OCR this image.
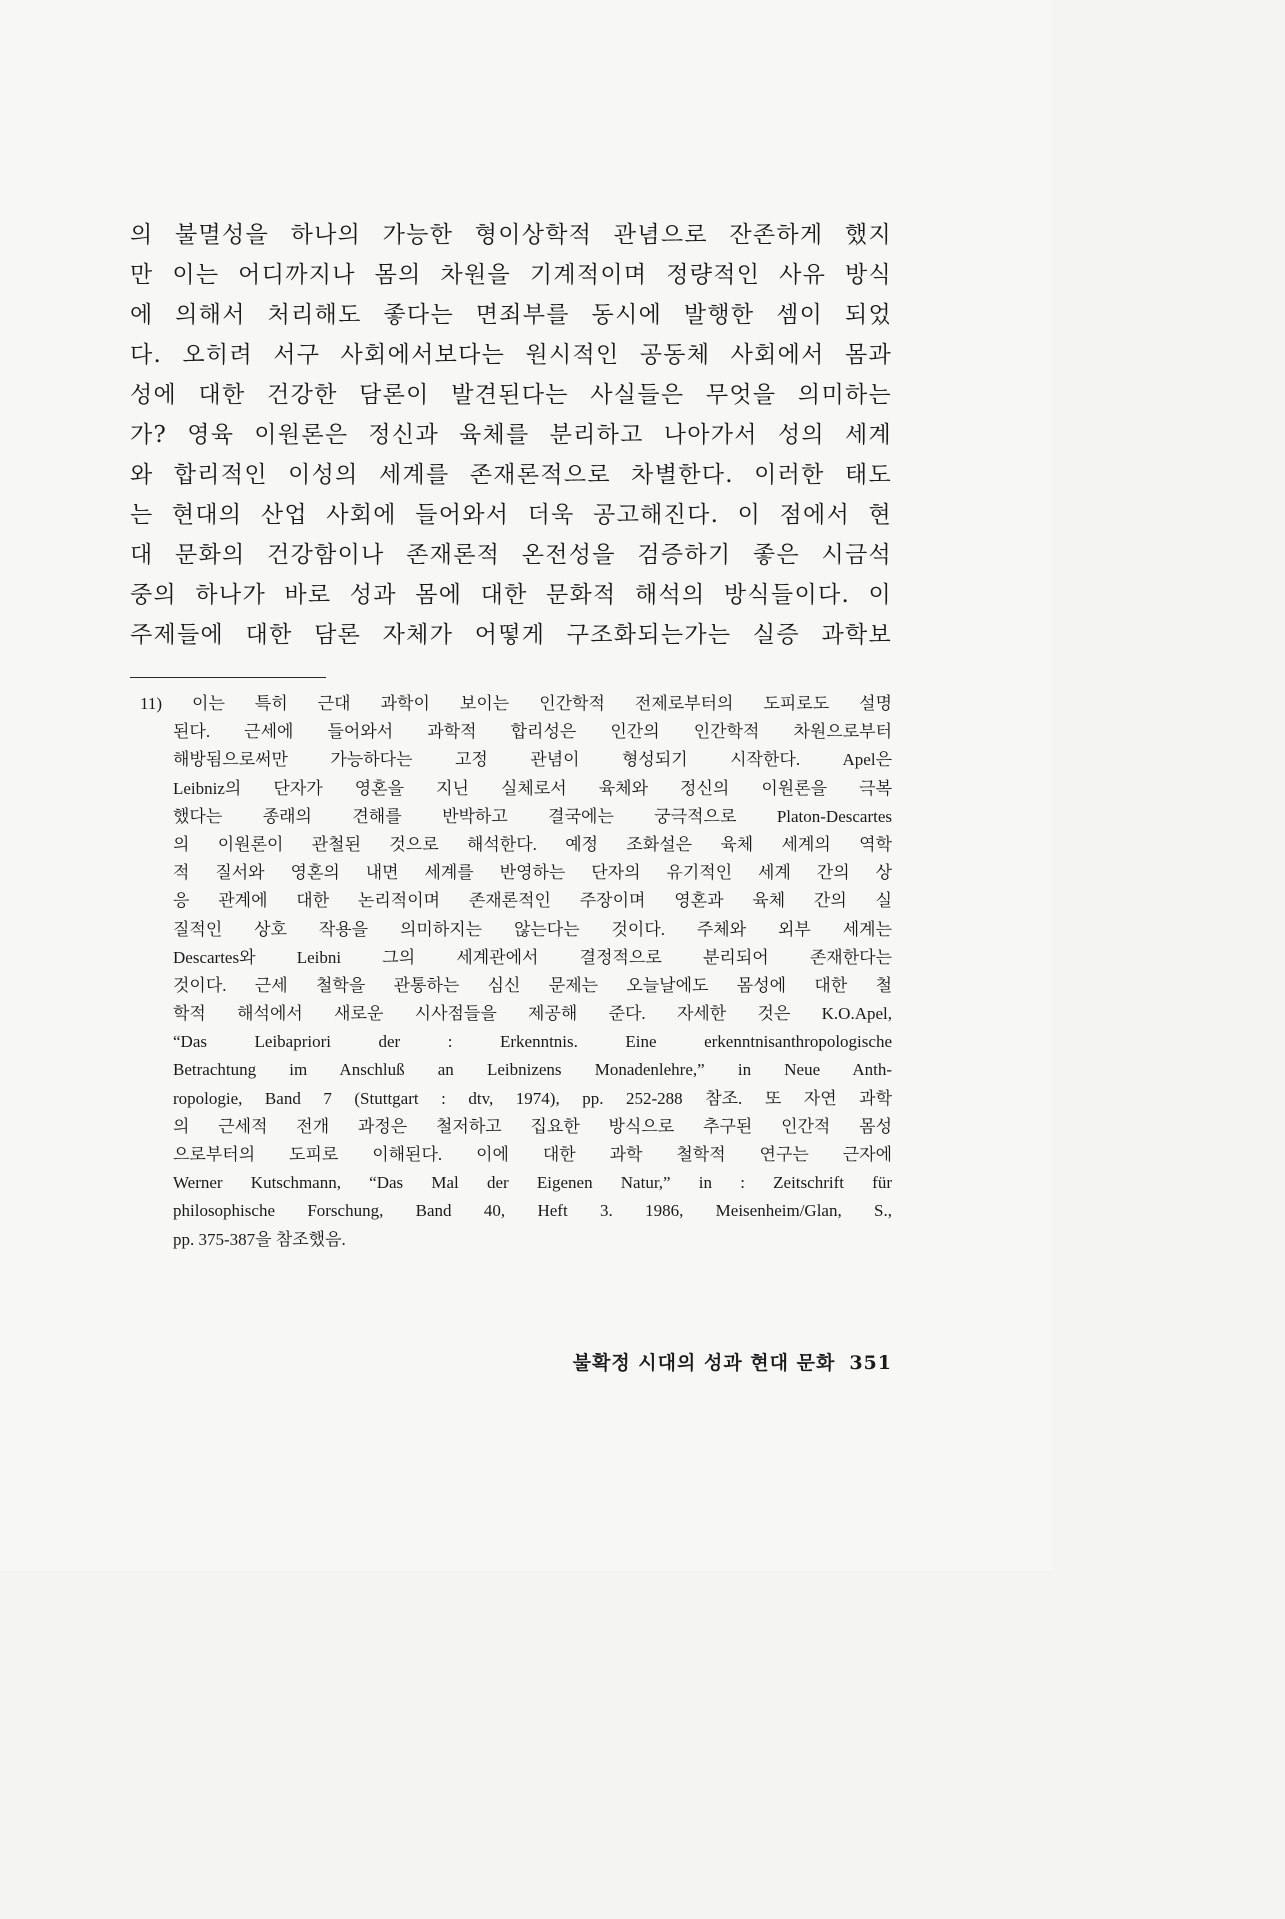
의 불멸성을 하나의 가능한 형이상학적 관념으로 잔존하게 했지
만 이는 어디까지나 몸의 차원을 기계적이며 정량적인 사유 방식
에 의해서 처리해도 좋다는 면죄부를 동시에 발행한 셈이 되었
다. 오히려 서구 사회에서보다는 원시적인 공동체 사회에서 몸과
성에 대한 건강한 담론이 발견된다는 사실들은 무엇을 의미하는
가? 영육 이원론은 정신과 육체를 분리하고 나아가서 성의 세계
와 합리적인 이성의 세계를 존재론적으로 차별한다. 이러한 태도
는 현대의 산업 사회에 들어와서 더욱 공고해진다. 이 점에서 현
대 문화의 건강함이나 존재론적 온전성을 검증하기 좋은 시금석
중의 하나가 바로 성과 몸에 대한 문화적 해석의 방식들이다. 이
주제들에 대한 담론 자체가 어떻게 구조화되는가는 실증 과학보
11) 이는 특히 근대 과학이 보이는 인간학적 전제로부터의 도피로도 설명
된다. 근세에 들어와서 과학적 합리성은 인간의 인간학적 차원으로부터
해방됨으로써만 가능하다는 고정 관념이 형성되기 시작한다. Apel은
Leibniz의 단자가 영혼을 지닌 실체로서 육체와 정신의 이원론을 극복
했다는 종래의 견해를 반박하고 결국에는 궁극적으로 Platon-Descartes
의 이원론이 관철된 것으로 해석한다. 예정 조화설은 육체 세계의 역학
적 질서와 영혼의 내면 세계를 반영하는 단자의 유기적인 세계 간의 상
응 관계에 대한 논리적이며 존재론적인 주장이며 영혼과 육체 간의 실
질적인 상호 작용을 의미하지는 않는다는 것이다. 주체와 외부 세계는
Descartes와 Leibni 그의 세계관에서 결정적으로 분리되어 존재한다는
것이다. 근세 철학을 관통하는 심신 문제는 오늘날에도 몸성에 대한 철
학적 해석에서 새로운 시사점들을 제공해 준다. 자세한 것은 K.O.Apel,
“Das Leibapriori der : Erkenntnis. Eine erkenntnisanthropologische
Betrachtung im Anschluß an Leibnizens Monadenlehre,” in Neue Anth-
ropologie, Band 7 (Stuttgart : dtv, 1974), pp. 252-288 참조. 또 자연 과학
의 근세적 전개 과정은 철저하고 집요한 방식으로 추구된 인간적 몸성
으로부터의 도피로 이해된다. 이에 대한 과학 철학적 연구는 근자에
Werner Kutschmann, “Das Mal der Eigenen Natur,” in : Zeitschrift für
philosophische Forschung, Band 40, Heft 3. 1986, Meisenheim/Glan, S.,
pp. 375-387을 참조했음.
불확정 시대의 성과 현대 문화 351
